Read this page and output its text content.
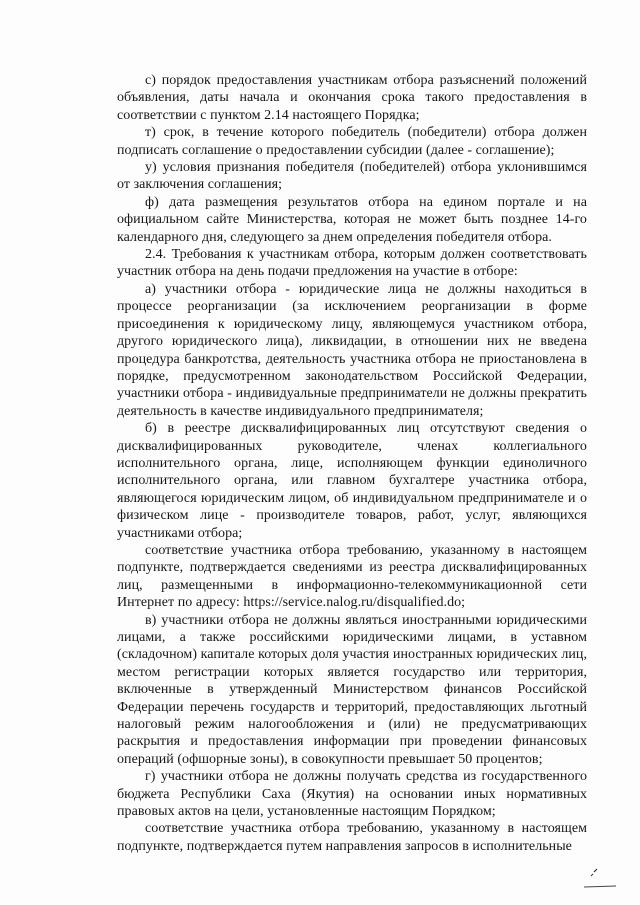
с) порядок предоставления участникам отбора разъяснений положений объявления, даты начала и окончания срока такого предоставления в соответствии с пунктом 2.14 настоящего Порядка;

т) срок, в течение которого победитель (победители) отбора должен подписать соглашение о предоставлении субсидии (далее - соглашение);

у) условия признания победителя (победителей) отбора уклонившимся от заключения соглашения;

ф) дата размещения результатов отбора на едином портале и на официальном сайте Министерства, которая не может быть позднее 14-го календарного дня, следующего за днем определения победителя отбора.

2.4. Требования к участникам отбора, которым должен соответствовать участник отбора на день подачи предложения на участие в отборе:

а) участники отбора - юридические лица не должны находиться в процессе реорганизации (за исключением реорганизации в форме присоединения к юридическому лицу, являющемуся участником отбора, другого юридического лица), ликвидации, в отношении них не введена процедура банкротства, деятельность участника отбора не приостановлена в порядке, предусмотренном законодательством Российской Федерации, участники отбора - индивидуальные предприниматели не должны прекратить деятельность в качестве индивидуального предпринимателя;

б) в реестре дисквалифицированных лиц отсутствуют сведения о дисквалифицированных руководителе, членах коллегиального исполнительного органа, лице, исполняющем функции единоличного исполнительного органа, или главном бухгалтере участника отбора, являющегося юридическим лицом, об индивидуальном предпринимателе и о физическом лице - производителе товаров, работ, услуг, являющихся участниками отбора;

соответствие участника отбора требованию, указанному в настоящем подпункте, подтверждается сведениями из реестра дисквалифицированных лиц, размещенными в информационно-телекоммуникационной сети Интернет по адресу: https://service.nalog.ru/disqualified.do;

в) участники отбора не должны являться иностранными юридическими лицами, а также российскими юридическими лицами, в уставном (складочном) капитале которых доля участия иностранных юридических лиц, местом регистрации которых является государство или территория, включенные в утвержденный Министерством финансов Российской Федерации перечень государств и территорий, предоставляющих льготный налоговый режим налогообложения и (или) не предусматривающих раскрытия и предоставления информации при проведении финансовых операций (офшорные зоны), в совокупности превышает 50 процентов;

г) участники отбора не должны получать средства из государственного бюджета Республики Саха (Якутия) на основании иных нормативных правовых актов на цели, установленные настоящим Порядком;

соответствие участника отбора требованию, указанному в настоящем подпункте, подтверждается путем направления запросов в исполнительные
